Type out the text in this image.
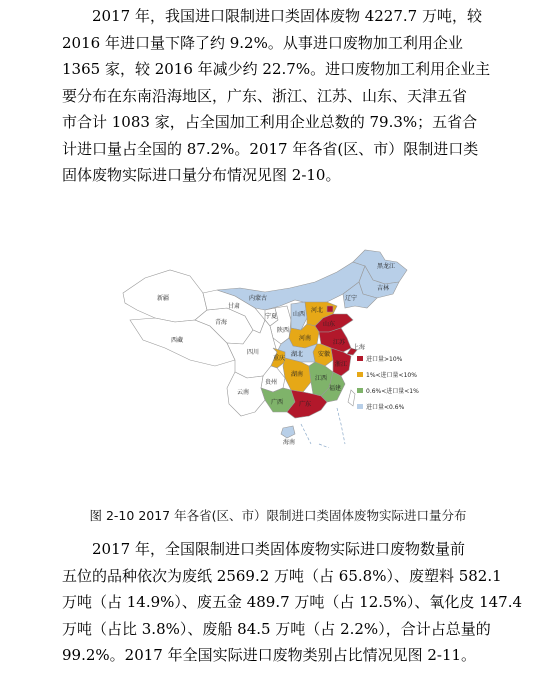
2017 年，我国进口限制进口类固体废物 4227.7 万吨，较

2016 年进口量下降了约 9.2%。从事进口废物加工利用企业

1365 家，较 2016 年减少约 22.7%。进口废物加工利用企业主

要分布在东南沿海地区，广东、浙江、江苏、山东、天津五省

市合计 1083 家，占全国加工利用企业总数的 79.3%；五省合

计进口量占全国的 87.2%。2017 年各省(区、市）限制进口类

固体废物实际进口量分布情况见图 2-10。

黑龙江
吉林
辽宁
内蒙古
新疆
西藏
青海
甘肃
宁夏
陕西
山西
河北
山东
河南
江苏
安徽
上海
湖北
浙江
四川
重庆
湖南
江西
福建
贵州
云南
广西	广东
海南
进口量>10%
1%<进口量<10%
0.6%<进口量<1%
进口量<0.6%
图 2-10 2017 年各省(区、市）限制进口类固体废物实际进口量分布

2017 年，全国限制进口类固体废物实际进口废物数量前

五位的品种依次为废纸 2569.2 万吨（占 65.8%）、废塑料 582.1

万吨（占 14.9%）、废五金 489.7 万吨（占 12.5%）、氧化皮 147.4

万吨（占比 3.8%）、废船 84.5 万吨（占 2.2%），合计占总量的

99.2%。2017 年全国实际进口废物类别占比情况见图 2-11。
